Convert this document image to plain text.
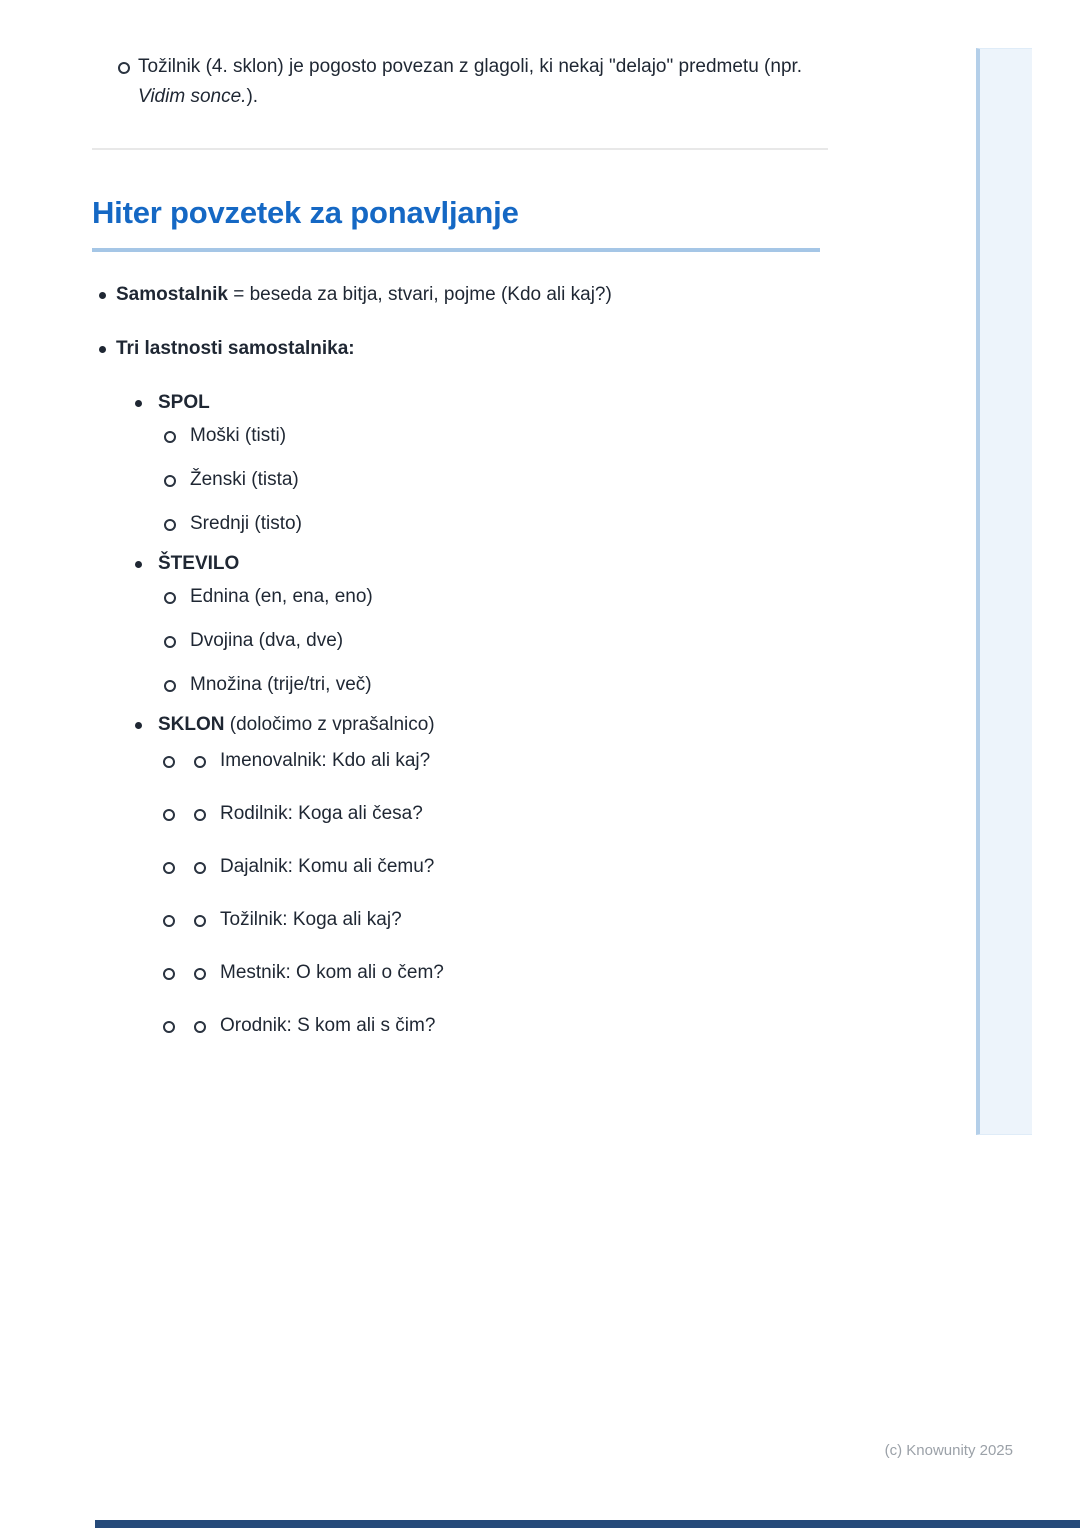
Tožilnik (4. sklon) je pogosto povezan z glagoli, ki nekaj "delajo" predmetu (npr. Vidim sonce.).
Hiter povzetek za ponavljanje
Samostalnik = beseda za bitja, stvari, pojme (Kdo ali kaj?)
Tri lastnosti samostalnika:
SPOL
Moški (tisti)
Ženski (tista)
Srednji (tisto)
ŠTEVILO
Ednina (en, ena, eno)
Dvojina (dva, dve)
Množina (trije/tri, več)
SKLON (določimo z vprašalnico)
Imenovalnik: Kdo ali kaj?
Rodilnik: Koga ali česa?
Dajalnik: Komu ali čemu?
Tožilnik: Koga ali kaj?
Mestnik: O kom ali o čem?
Orodnik: S kom ali s čim?
(c) Knowunity 2025
